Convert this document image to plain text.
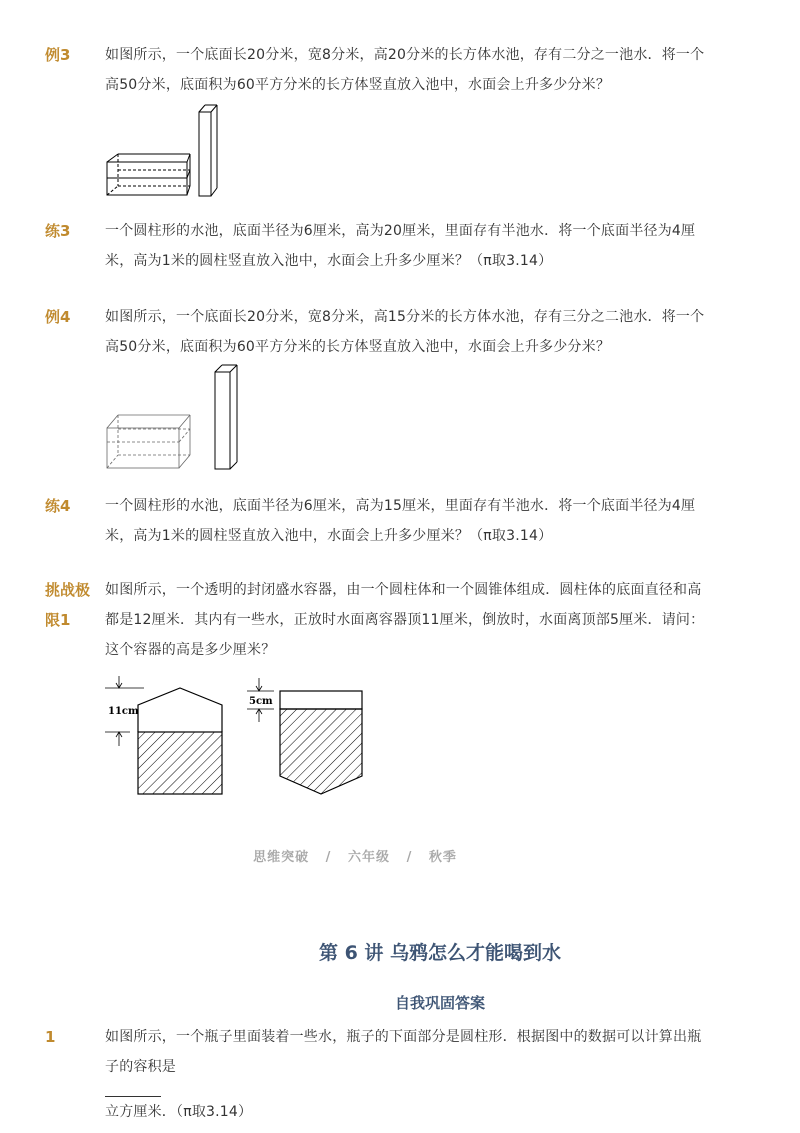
例3	如图所示，一个底面长20分米，宽8分米，高20分米的长方体水池，存有二分之一池水．将一个
高50分米，底面积为60平方分米的长方体竖直放入池中，水面会上升多少分米？
练3	一个圆柱形的水池，底面半径为6厘米，高为20厘米，里面存有半池水．将一个底面半径为4厘
米，高为1米的圆柱竖直放入池中，水面会上升多少厘米？（π取3.14）
例4	如图所示，一个底面长20分米，宽8分米，高15分米的长方体水池，存有三分之二池水．将一个
高50分米，底面积为60平方分米的长方体竖直放入池中，水面会上升多少分米？
练4	一个圆柱形的水池，底面半径为6厘米，高为15厘米，里面存有半池水．将一个底面半径为4厘
米，高为1米的圆柱竖直放入池中，水面会上升多少厘米？（π取3.14）
挑战极
限1
如图所示，一个透明的封闭盛水容器，由一个圆柱体和一个圆锥体组成．圆柱体的底面直径和高
都是12厘米．其内有一些水，正放时水面离容器顶11厘米，倒放时，水面离顶部5厘米．请问：
这个容器的高是多少厘米？
11cm
5cm
思维突破 / 六年级 / 秋季
第 6 讲 乌鸦怎么才能喝到水
自我巩固答案
1	如图所示，一个瓶子里面装着一些水，瓶子的下面部分是圆柱形．根据图中的数据可以计算出瓶
子的容积是
立方厘米．（π取3.14）
